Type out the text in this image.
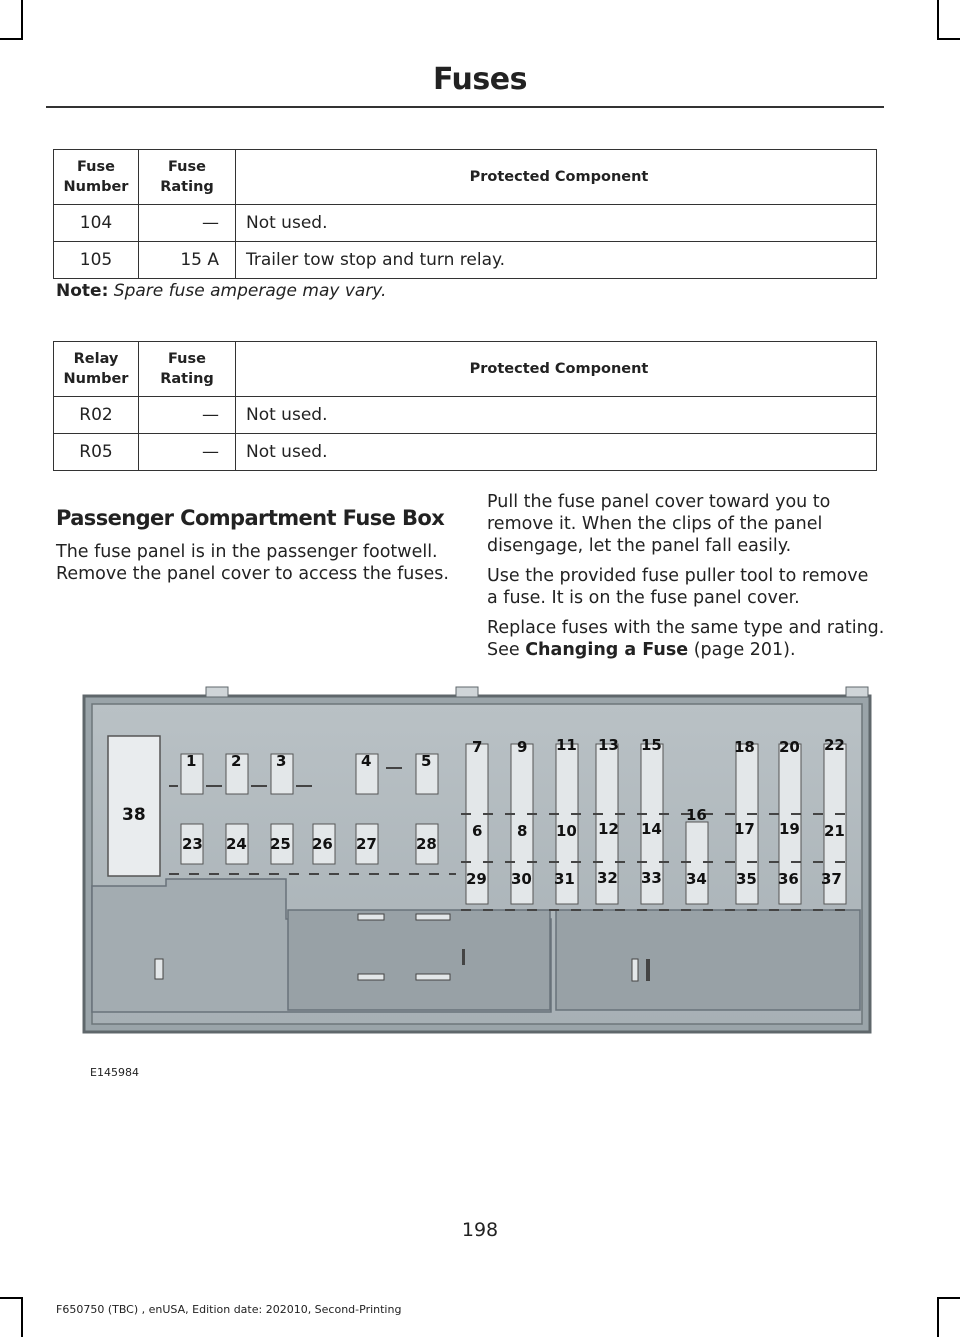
Fuses
Fuse Number	Fuse Rating	Protected Component
104	—	Not used.
105	15 A	Trailer tow stop and turn relay.
Note: Spare fuse amperage may vary.
Relay Number	Fuse Rating	Protected Component
R02	—	Not used.
R05	—	Not used.
Passenger Compartment Fuse Box

The fuse panel is in the passenger footwell. Remove the panel cover to access the fuses.

Pull the fuse panel cover toward you to remove it. When the clips of the panel disengage, let the panel fall easily.

Use the provided fuse puller tool to remove a fuse. It is on the fuse panel cover.

Replace fuses with the same type and rating. See Changing a Fuse (page 201).

38
1 2 3	4	5
23 24 25 26 27	28
7
6
29
9
8
30
11
10
31
13
12
32
15
14
33
16
34
18
17
35
20
19
36
22
21
37
E145984
198
F650750 (TBC) , enUSA, Edition date: 202010, Second-Printing
